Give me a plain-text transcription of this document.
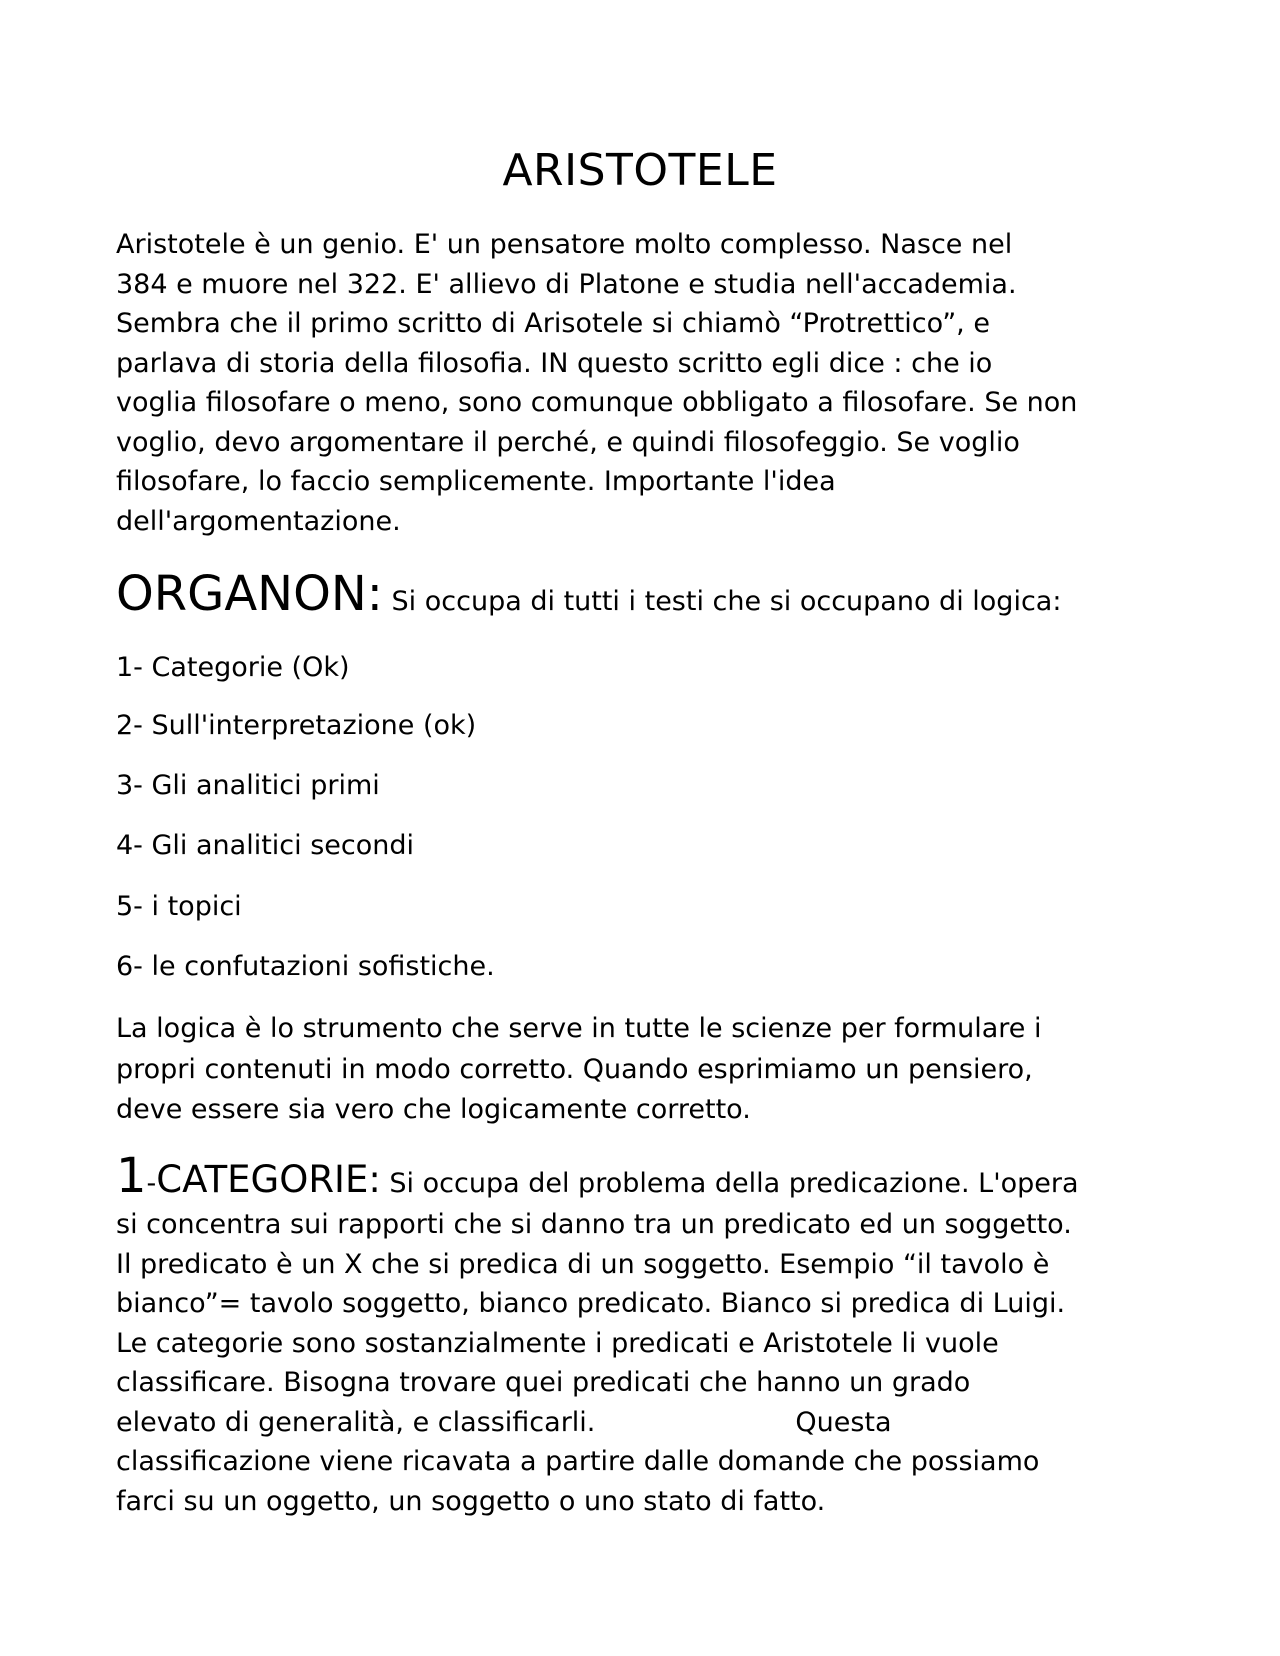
ARISTOTELE
Aristotele è un genio. E' un pensatore molto complesso. Nasce nel
384 e muore nel 322. E' allievo di Platone e studia nell'accademia.
Sembra che il primo scritto di Arisotele si chiamò “Protrettico”, e
parlava di storia della filosofia. IN questo scritto egli dice : che io
voglia filosofare o meno, sono comunque obbligato a filosofare. Se non
voglio, devo argomentare il perché, e quindi filosofeggio. Se voglio
filosofare, lo faccio semplicemente. Importante l'idea
dell'argomentazione.
ORGANON: Si occupa di tutti i testi che si occupano di logica:
1- Categorie (Ok)
2- Sull'interpretazione (ok)
3- Gli analitici primi
4- Gli analitici secondi
5- i topici
6- le confutazioni sofistiche.
La logica è lo strumento che serve in tutte le scienze per formulare i
propri contenuti in modo corretto. Quando esprimiamo un pensiero,
deve essere sia vero che logicamente corretto.
1-CATEGORIE: Si occupa del problema della predicazione. L'opera
si concentra sui rapporti che si danno tra un predicato ed un soggetto.
Il predicato è un X che si predica di un soggetto. Esempio “il tavolo è
bianco”= tavolo soggetto, bianco predicato. Bianco si predica di Luigi.
Le categorie sono sostanzialmente i predicati e Aristotele li vuole
classificare. Bisogna trovare quei predicati che hanno un grado
elevato di generalità, e classificarli.	Questa
classificazione viene ricavata a partire dalle domande che possiamo
farci su un oggetto, un soggetto o uno stato di fatto.
